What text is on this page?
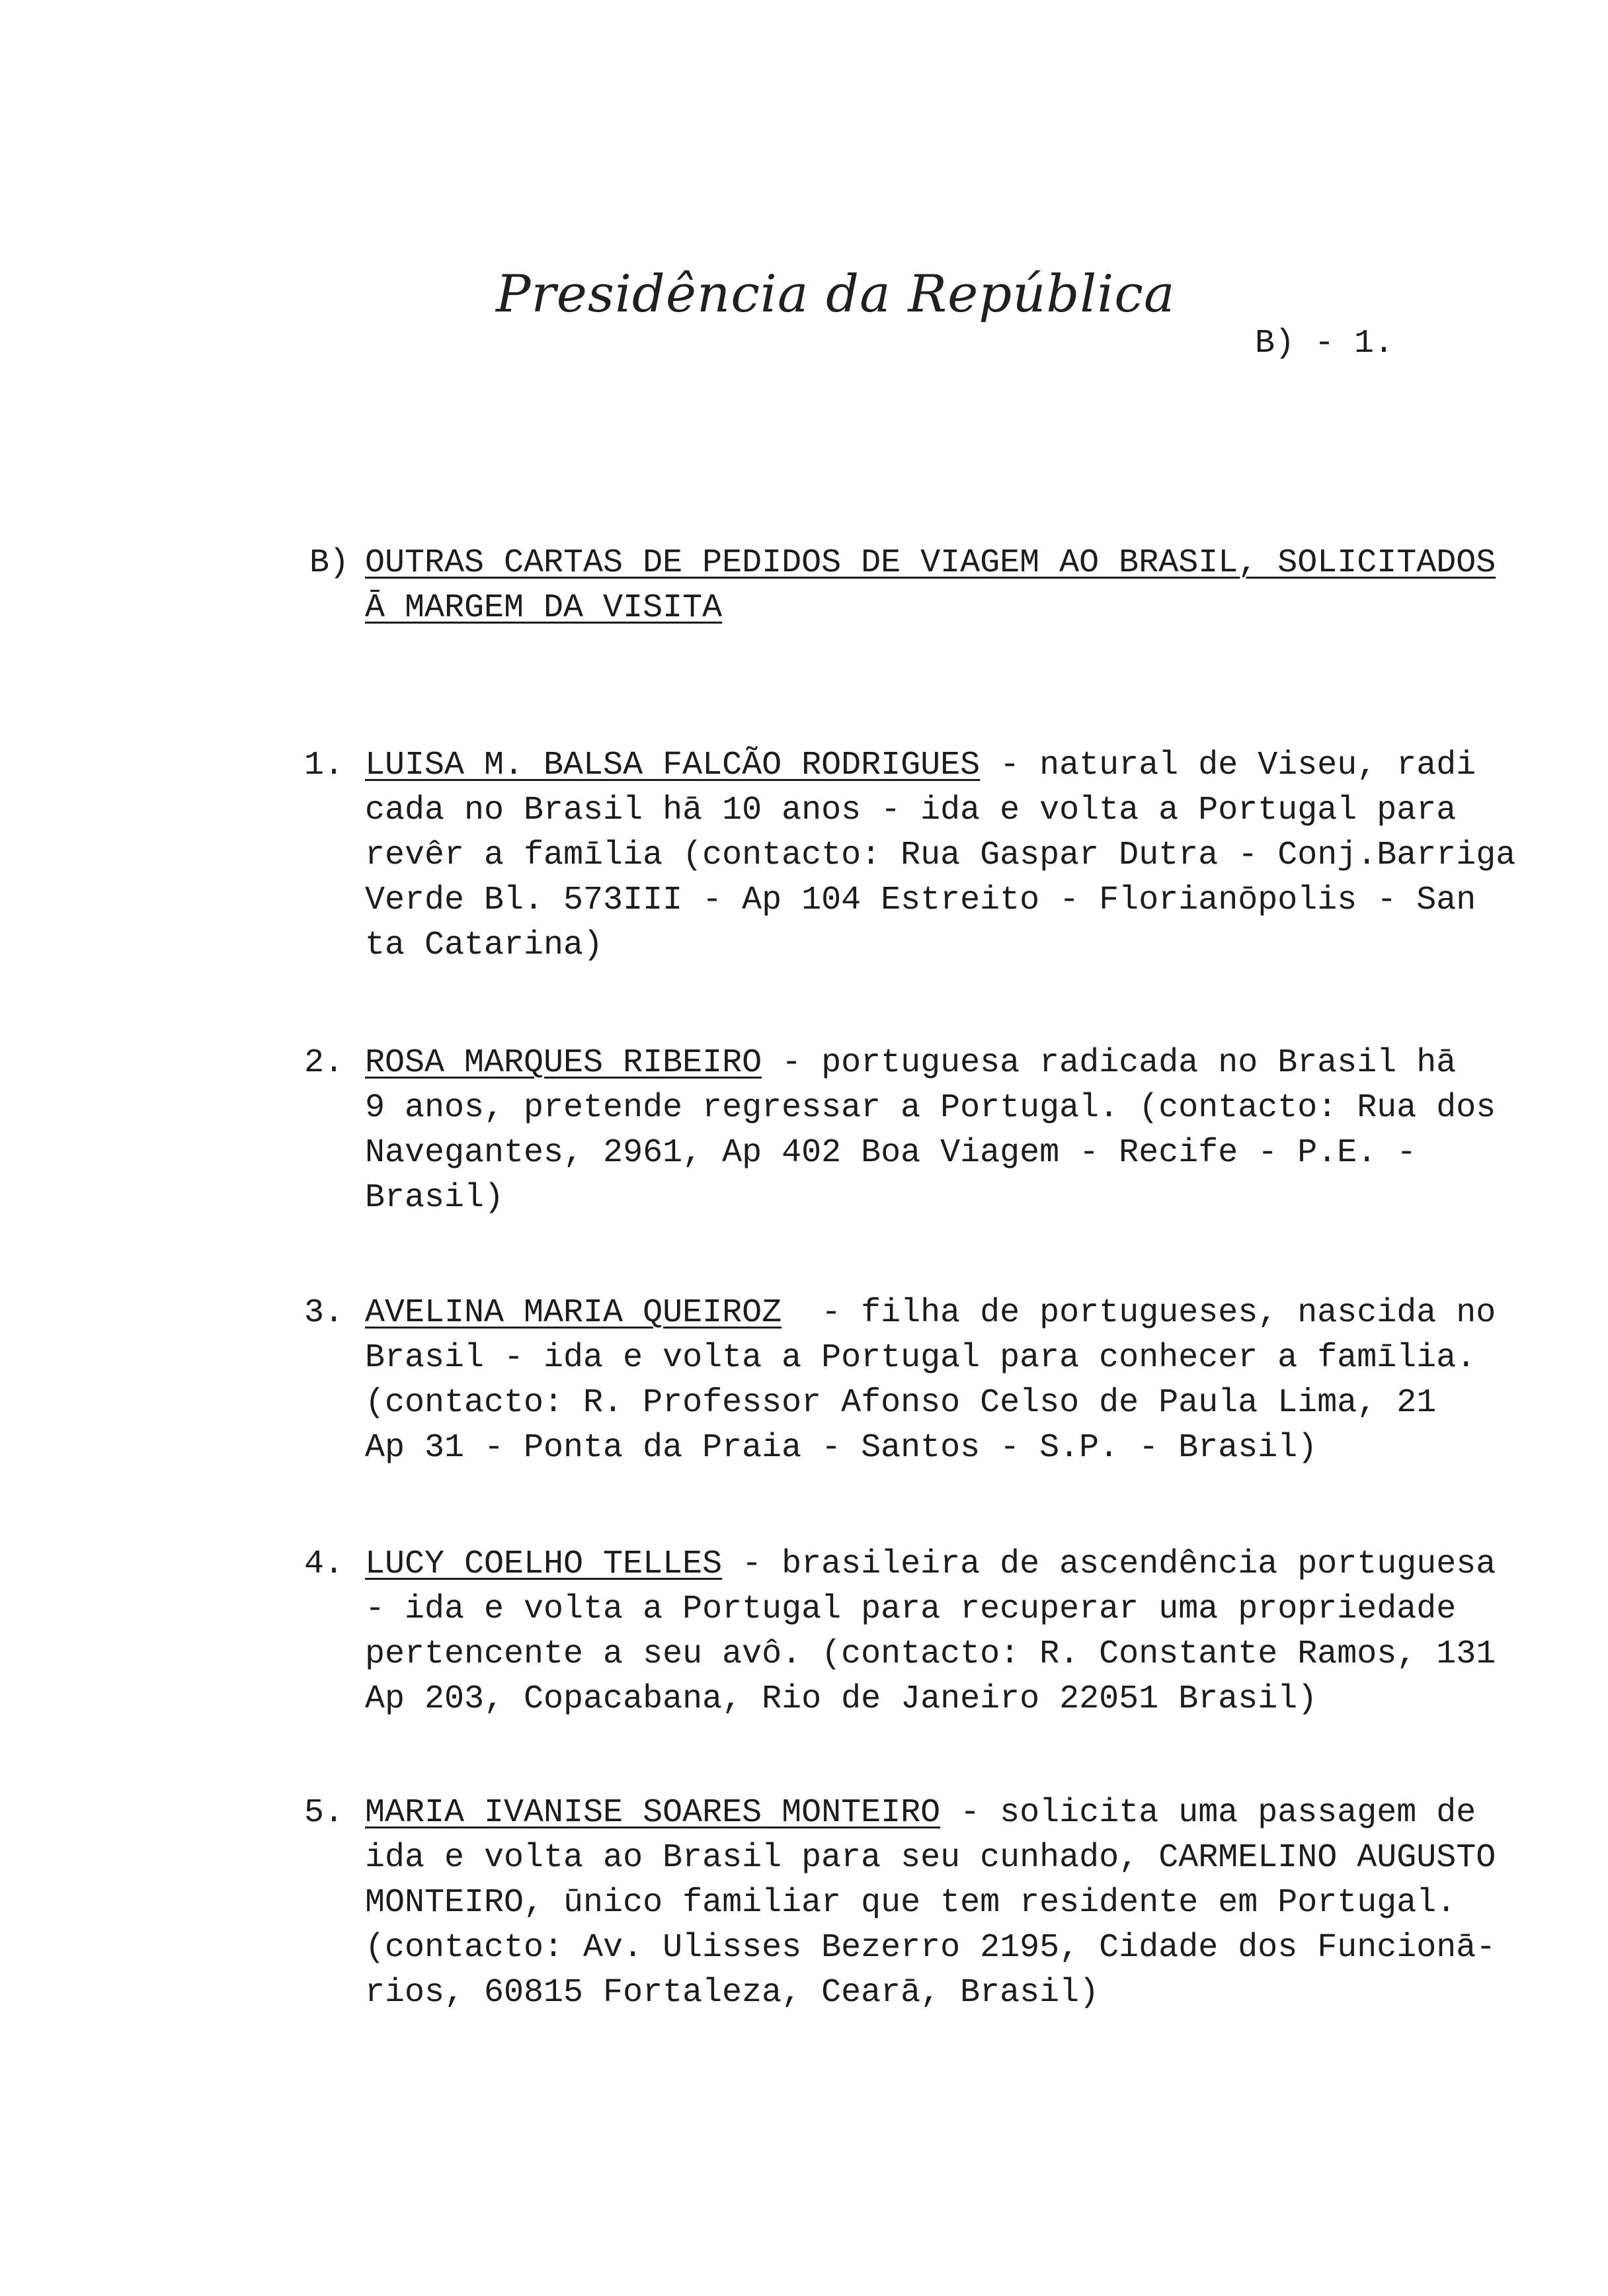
Presidência da República
B) - 1.
B) OUTRAS CARTAS DE PEDIDOS DE VIAGEM AO BRASIL, SOLICITADOS
Ā MARGEM DA VISITA
1. LUISA M. BALSA FALCÃO RODRIGUES - natural de Viseu, radi
cada no Brasil hā 10 anos - ida e volta a Portugal para
revêr a famīlia (contacto: Rua Gaspar Dutra - Conj.Barriga
Verde Bl. 573III - Ap 104 Estreito - Florianōpolis - San
ta Catarina)
2. ROSA MARQUES RIBEIRO - portuguesa radicada no Brasil hā
9 anos, pretende regressar a Portugal. (contacto: Rua dos
Navegantes, 2961, Ap 402 Boa Viagem - Recife - P.E. -
Brasil)
3. AVELINA MARIA QUEIROZ  - filha de portugueses, nascida no
Brasil - ida e volta a Portugal para conhecer a famīlia.
(contacto: R. Professor Afonso Celso de Paula Lima, 21
Ap 31 - Ponta da Praia - Santos - S.P. - Brasil)
4. LUCY COELHO TELLES - brasileira de ascendência portuguesa
- ida e volta a Portugal para recuperar uma propriedade
pertencente a seu avô. (contacto: R. Constante Ramos, 131
Ap 203, Copacabana, Rio de Janeiro 22051 Brasil)
5. MARIA IVANISE SOARES MONTEIRO - solicita uma passagem de
ida e volta ao Brasil para seu cunhado, CARMELINO AUGUSTO
MONTEIRO, ūnico familiar que tem residente em Portugal.
(contacto: Av. Ulisses Bezerro 2195, Cidade dos Funcionā-
rios, 60815 Fortaleza, Cearā, Brasil)
